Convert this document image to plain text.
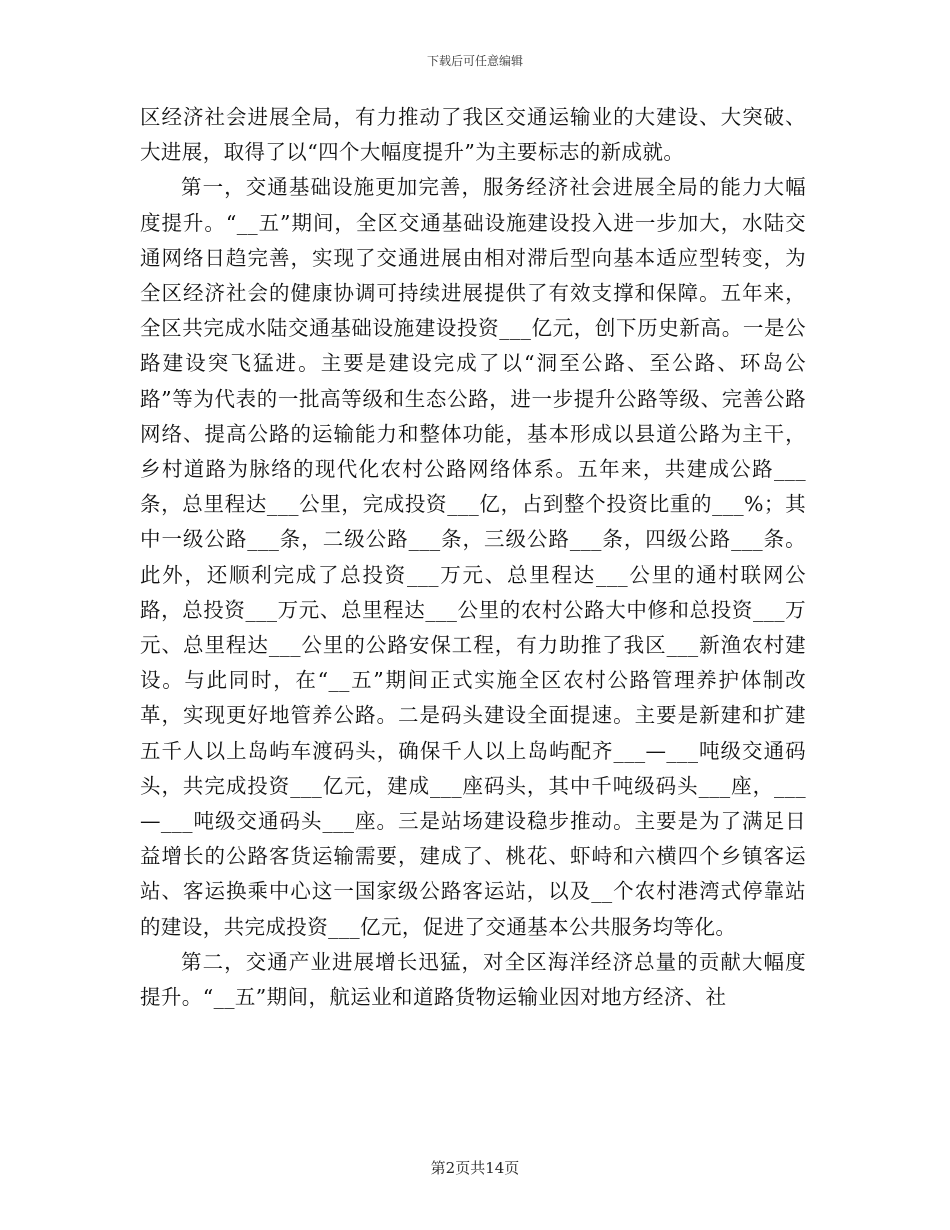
下载后可任意编辑

区经济社会进展全局，有力推动了我区交通运输业的大建设、大突破、大进展，取得了以“四个大幅度提升”为主要标志的新成就。

第一，交通基础设施更加完善，服务经济社会进展全局的能力大幅度提升。“__五”期间，全区交通基础设施建设投入进一步加大，水陆交通网络日趋完善，实现了交通进展由相对滞后型向基本适应型转变，为全区经济社会的健康协调可持续进展提供了有效支撑和保障。五年来，全区共完成水陆交通基础设施建设投资___亿元，创下历史新高。一是公路建设突飞猛进。主要是建设完成了以“洞至公路、至公路、环岛公路”等为代表的一批高等级和生态公路，进一步提升公路等级、完善公路网络、提高公路的运输能力和整体功能，基本形成以县道公路为主干，乡村道路为脉络的现代化农村公路网络体系。五年来，共建成公路___条，总里程达___公里，完成投资___亿，占到整个投资比重的___%；其中一级公路___条，二级公路___条，三级公路___条，四级公路___条。此外，还顺利完成了总投资___万元、总里程达___公里的通村联网公路，总投资___万元、总里程达___公里的农村公路大中修和总投资___万元、总里程达___公里的公路安保工程，有力助推了我区___新渔农村建设。与此同时，在“__五”期间正式实施全区农村公路管理养护体制改革，实现更好地管养公路。二是码头建设全面提速。主要是新建和扩建五千人以上岛屿车渡码头，确保千人以上岛屿配齐___—___吨级交通码头，共完成投资___亿元，建成___座码头，其中千吨级码头___座，___—___吨级交通码头___座。三是站场建设稳步推动。主要是为了满足日益增长的公路客货运输需要，建成了、桃花、虾峙和六横四个乡镇客运站、客运换乘中心这一国家级公路客运站，以及__个农村港湾式停靠站的建设，共完成投资___亿元，促进了交通基本公共服务均等化。

第二，交通产业进展增长迅猛，对全区海洋经济总量的贡献大幅度提升。“__五”期间，航运业和道路货物运输业因对地方经济、社

第2页共14页
